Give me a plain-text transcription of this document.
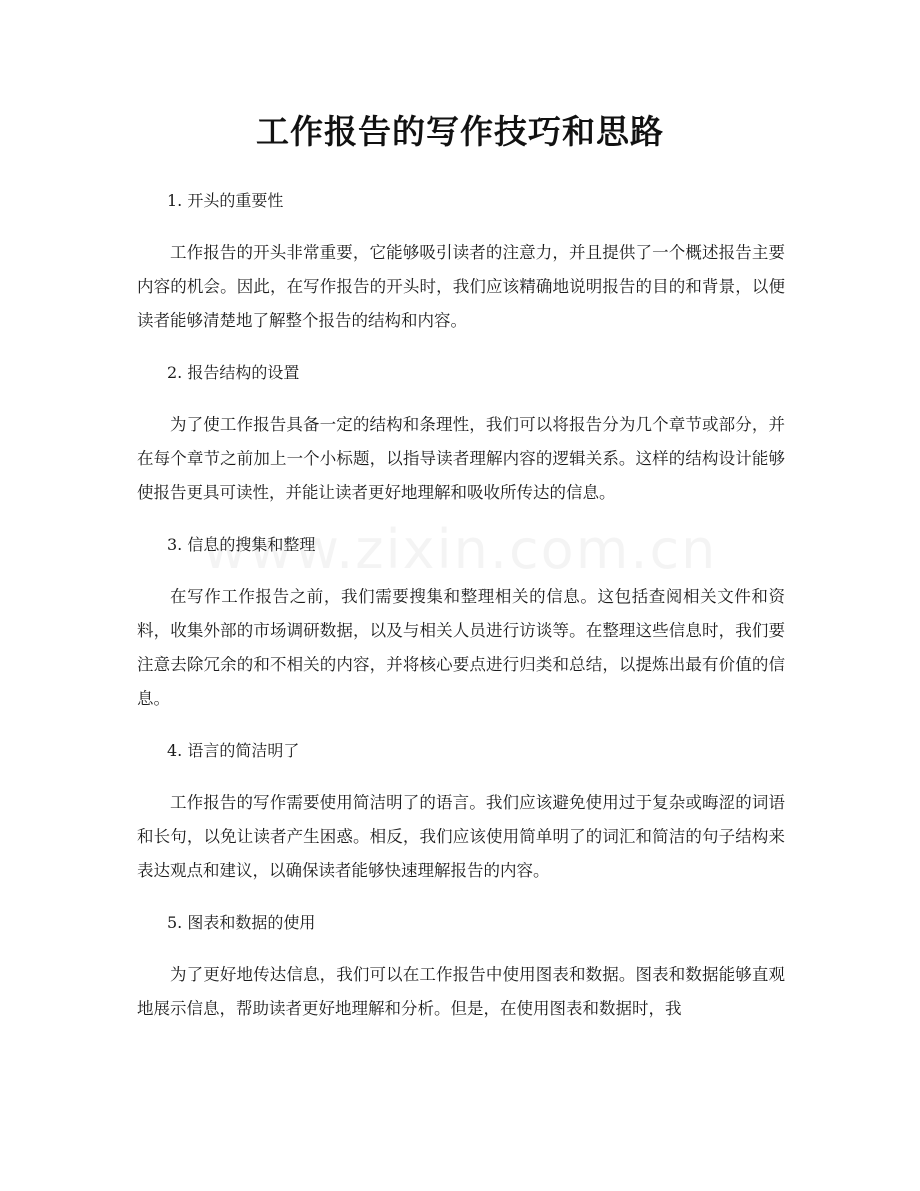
工作报告的写作技巧和思路
1. 开头的重要性

工作报告的开头非常重要，它能够吸引读者的注意力，并且提供了一个概述报告主要内容的机会。因此，在写作报告的开头时，我们应该精确地说明报告的目的和背景，以便读者能够清楚地了解整个报告的结构和内容。

2. 报告结构的设置

为了使工作报告具备一定的结构和条理性，我们可以将报告分为几个章节或部分，并在每个章节之前加上一个小标题，以指导读者理解内容的逻辑关系。这样的结构设计能够使报告更具可读性，并能让读者更好地理解和吸收所传达的信息。

3. 信息的搜集和整理

在写作工作报告之前，我们需要搜集和整理相关的信息。这包括查阅相关文件和资料，收集外部的市场调研数据，以及与相关人员进行访谈等。在整理这些信息时，我们要注意去除冗余的和不相关的内容，并将核心要点进行归类和总结，以提炼出最有价值的信息。

4. 语言的简洁明了

工作报告的写作需要使用简洁明了的语言。我们应该避免使用过于复杂或晦涩的词语和长句，以免让读者产生困惑。相反，我们应该使用简单明了的词汇和简洁的句子结构来表达观点和建议，以确保读者能够快速理解报告的内容。

5. 图表和数据的使用

为了更好地传达信息，我们可以在工作报告中使用图表和数据。图表和数据能够直观地展示信息，帮助读者更好地理解和分析。但是，在使用图表和数据时，我
